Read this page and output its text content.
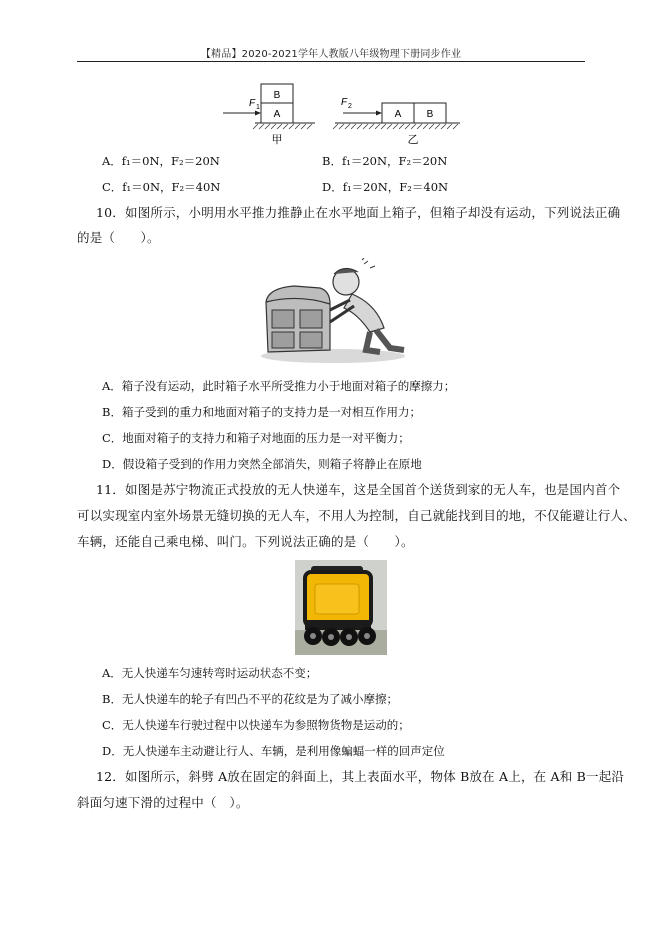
【精品】2020-2021学年人教版八年级物理下册同步作业
B
A
F 1
A	B
F 2
甲	乙
A．f₁＝0N，F₂＝20N	B．f₁＝20N，F₂＝20N
C．f₁＝0N，F₂＝40N	D．f₁＝20N，F₂＝40N
10．如图所示，小明用水平推力推静止在水平地面上箱子，但箱子却没有运动，下列说法正确
的是（　　）。
A．箱子没有运动，此时箱子水平所受推力小于地面对箱子的摩擦力；
B．箱子受到的重力和地面对箱子的支持力是一对相互作用力；
C．地面对箱子的支持力和箱子对地面的压力是一对平衡力；
D．假设箱子受到的作用力突然全部消失，则箱子将静止在原地
11．如图是苏宁物流正式投放的无人快递车，这是全国首个送货到家的无人车，也是国内首个
可以实现室内室外场景无缝切换的无人车，不用人为控制，自己就能找到目的地，不仅能避让行人、
车辆，还能自己乘电梯、叫门。下列说法正确的是（　　）。
A．无人快递车匀速转弯时运动状态不变；
B．无人快递车的轮子有凹凸不平的花纹是为了减小摩擦；
C．无人快递车行驶过程中以快递车为参照物货物是运动的；
D．无人快递车主动避让行人、车辆，是利用像蝙蝠一样的回声定位
12．如图所示，斜劈 A放在固定的斜面上，其上表面水平，物体 B放在 A上，在 A和 B一起沿
斜面匀速下滑的过程中（　）。
